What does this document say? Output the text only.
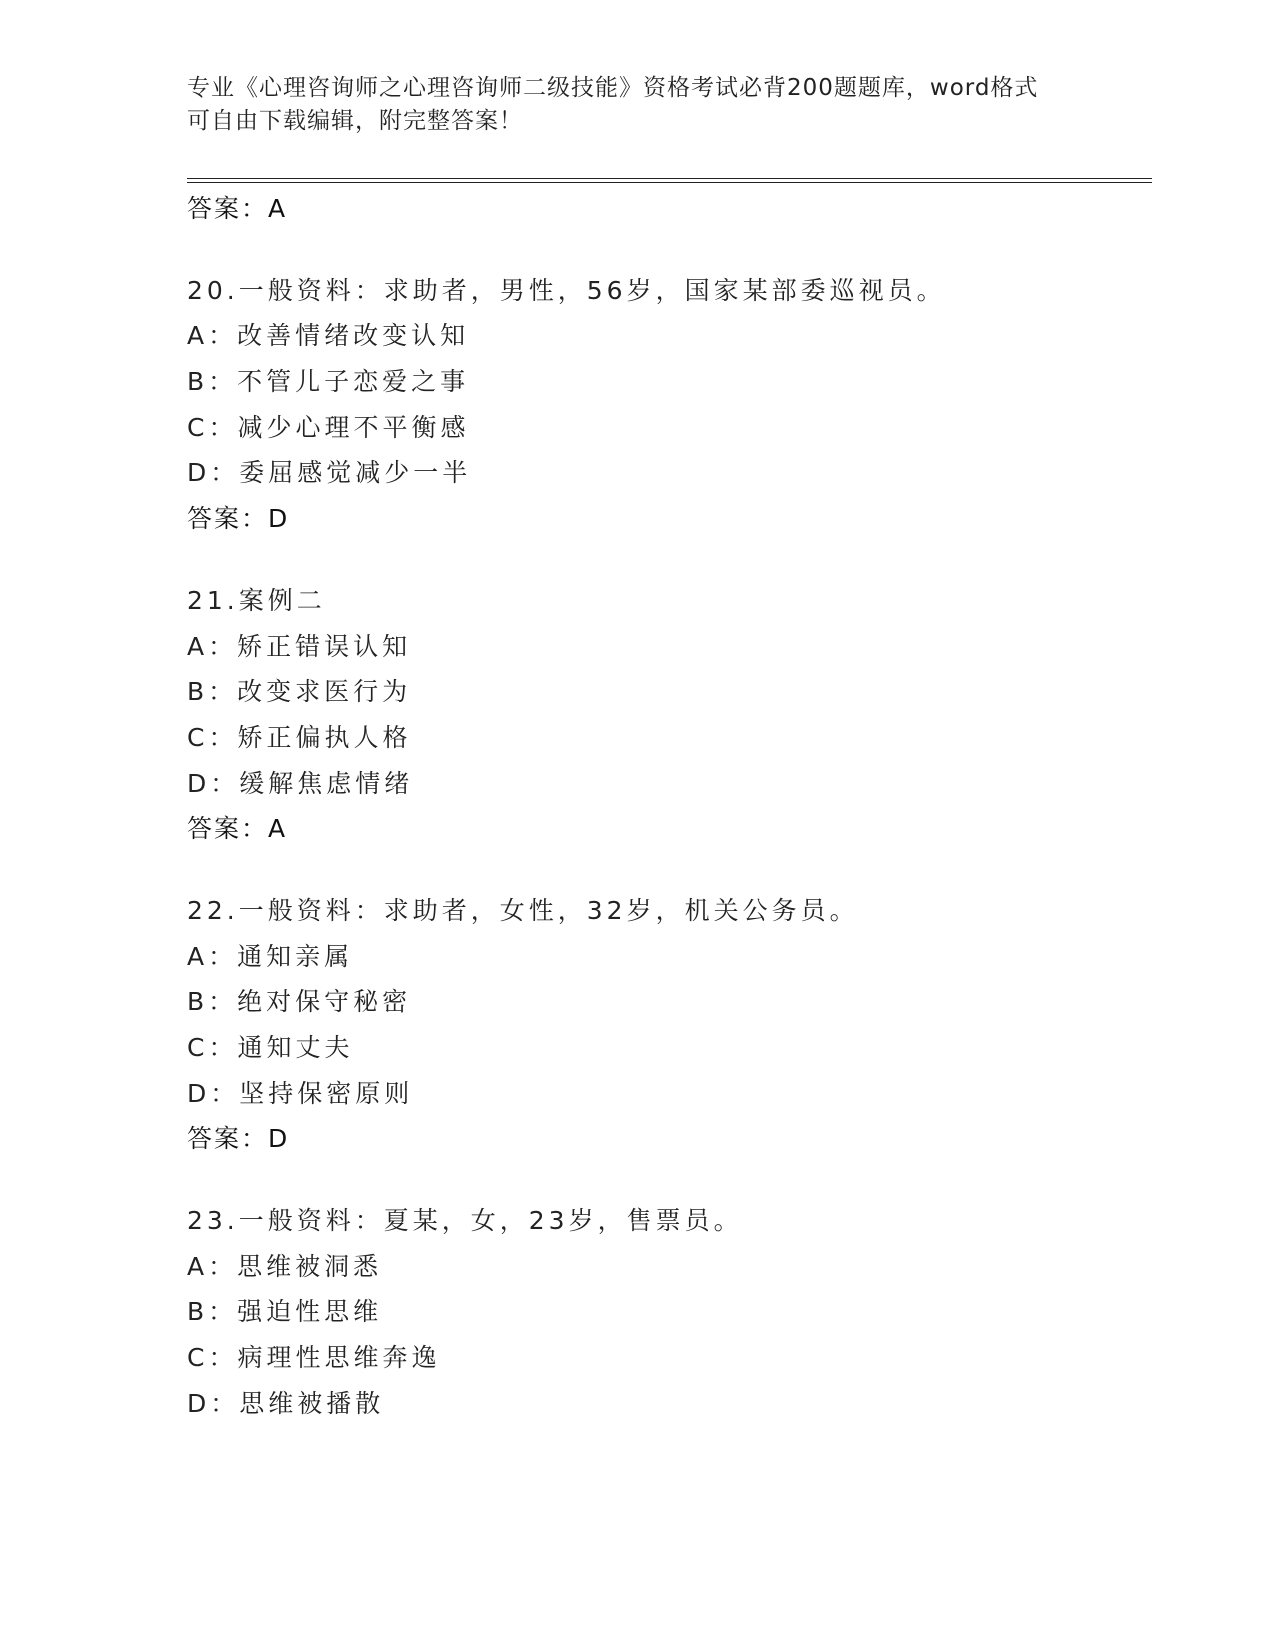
专业《心理咨询师之心理咨询师二级技能》资格考试必背200题题库，word格式
可自由下载编辑，附完整答案！
答案：A
20.一般资料：求助者，男性，56岁，国家某部委巡视员。
A：改善情绪改变认知
B：不管儿子恋爱之事
C：减少心理不平衡感
D：委屈感觉减少一半
答案：D
21.案例二
A：矫正错误认知
B：改变求医行为
C：矫正偏执人格
D：缓解焦虑情绪
答案：A
22.一般资料：求助者，女性，32岁，机关公务员。
A：通知亲属
B：绝对保守秘密
C：通知丈夫
D：坚持保密原则
答案：D
23.一般资料：夏某，女，23岁，售票员。
A：思维被洞悉
B：强迫性思维
C：病理性思维奔逸
D：思维被播散
